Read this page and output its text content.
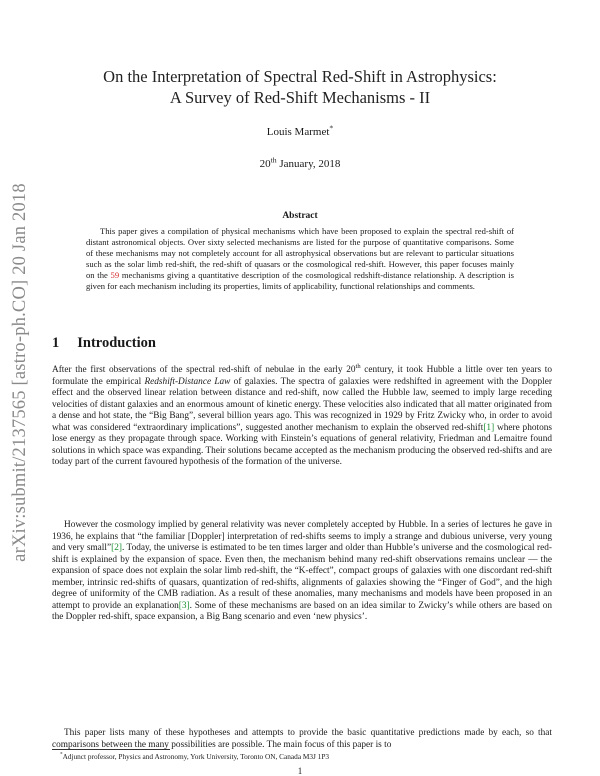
arXiv:submit/2137565 [astro-ph.CO] 20 Jan 2018
On the Interpretation of Spectral Red-Shift in Astrophysics:
A Survey of Red-Shift Mechanisms - II
Louis Marmet*
20th January, 2018
Abstract

This paper gives a compilation of physical mechanisms which have been proposed to explain the spectral red-shift of distant astronomical objects. Over sixty selected mechanisms are listed for the purpose of quantitative comparisons. Some of these mechanisms may not completely account for all astrophysical observations but are relevant to particular situations such as the solar limb red-shift, the red-shift of quasars or the cosmological red-shift. However, this paper focuses mainly on the 59 mechanisms giving a quantitative description of the cosmological redshift-distance relationship. A description is given for each mechanism including its properties, limits of applicability, functional relationships and comments.

1 Introduction

After the first observations of the spectral red-shift of nebulae in the early 20th century, it took Hubble a little over ten years to formulate the empirical Redshift-Distance Law of galaxies. The spectra of galaxies were redshifted in agreement with the Doppler effect and the observed linear relation between distance and red-shift, now called the Hubble law, seemed to imply large receding velocities of distant galaxies and an enormous amount of kinetic energy. These velocities also indicated that all matter originated from a dense and hot state, the “Big Bang”, several billion years ago. This was recognized in 1929 by Fritz Zwicky who, in order to avoid what was considered “extraordinary implications”, suggested another mechanism to explain the observed red-shift[1] where photons lose energy as they propagate through space. Working with Einstein’s equations of general relativity, Friedman and Lemaitre found solutions in which space was expanding. Their solutions became accepted as the mechanism producing the observed red-shifts and are today part of the current favoured hypothesis of the formation of the universe.

However the cosmology implied by general relativity was never completely accepted by Hubble. In a series of lectures he gave in 1936, he explains that “the familiar [Doppler] interpretation of red-shifts seems to imply a strange and dubious universe, very young and very small”[2]. Today, the universe is estimated to be ten times larger and older than Hubble’s universe and the cosmological red-shift is explained by the expansion of space. Even then, the mechanism behind many red-shift observations remains unclear — the expansion of space does not explain the solar limb red-shift, the “K-effect”, compact groups of galaxies with one discordant red-shift member, intrinsic red-shifts of quasars, quantization of red-shifts, alignments of galaxies showing the “Finger of God”, and the high degree of uniformity of the CMB radiation. As a result of these anomalies, many mechanisms and models have been proposed in an attempt to provide an explanation[3]. Some of these mechanisms are based on an idea similar to Zwicky’s while others are based on the Doppler red-shift, space expansion, a Big Bang scenario and even ‘new physics’.

This paper lists many of these hypotheses and attempts to provide the basic quantitative predictions made by each, so that comparisons between the many possibilities are possible. The main focus of this paper is to

*Adjunct professor, Physics and Astronomy, York University, Toronto ON, Canada M3J 1P3
1
